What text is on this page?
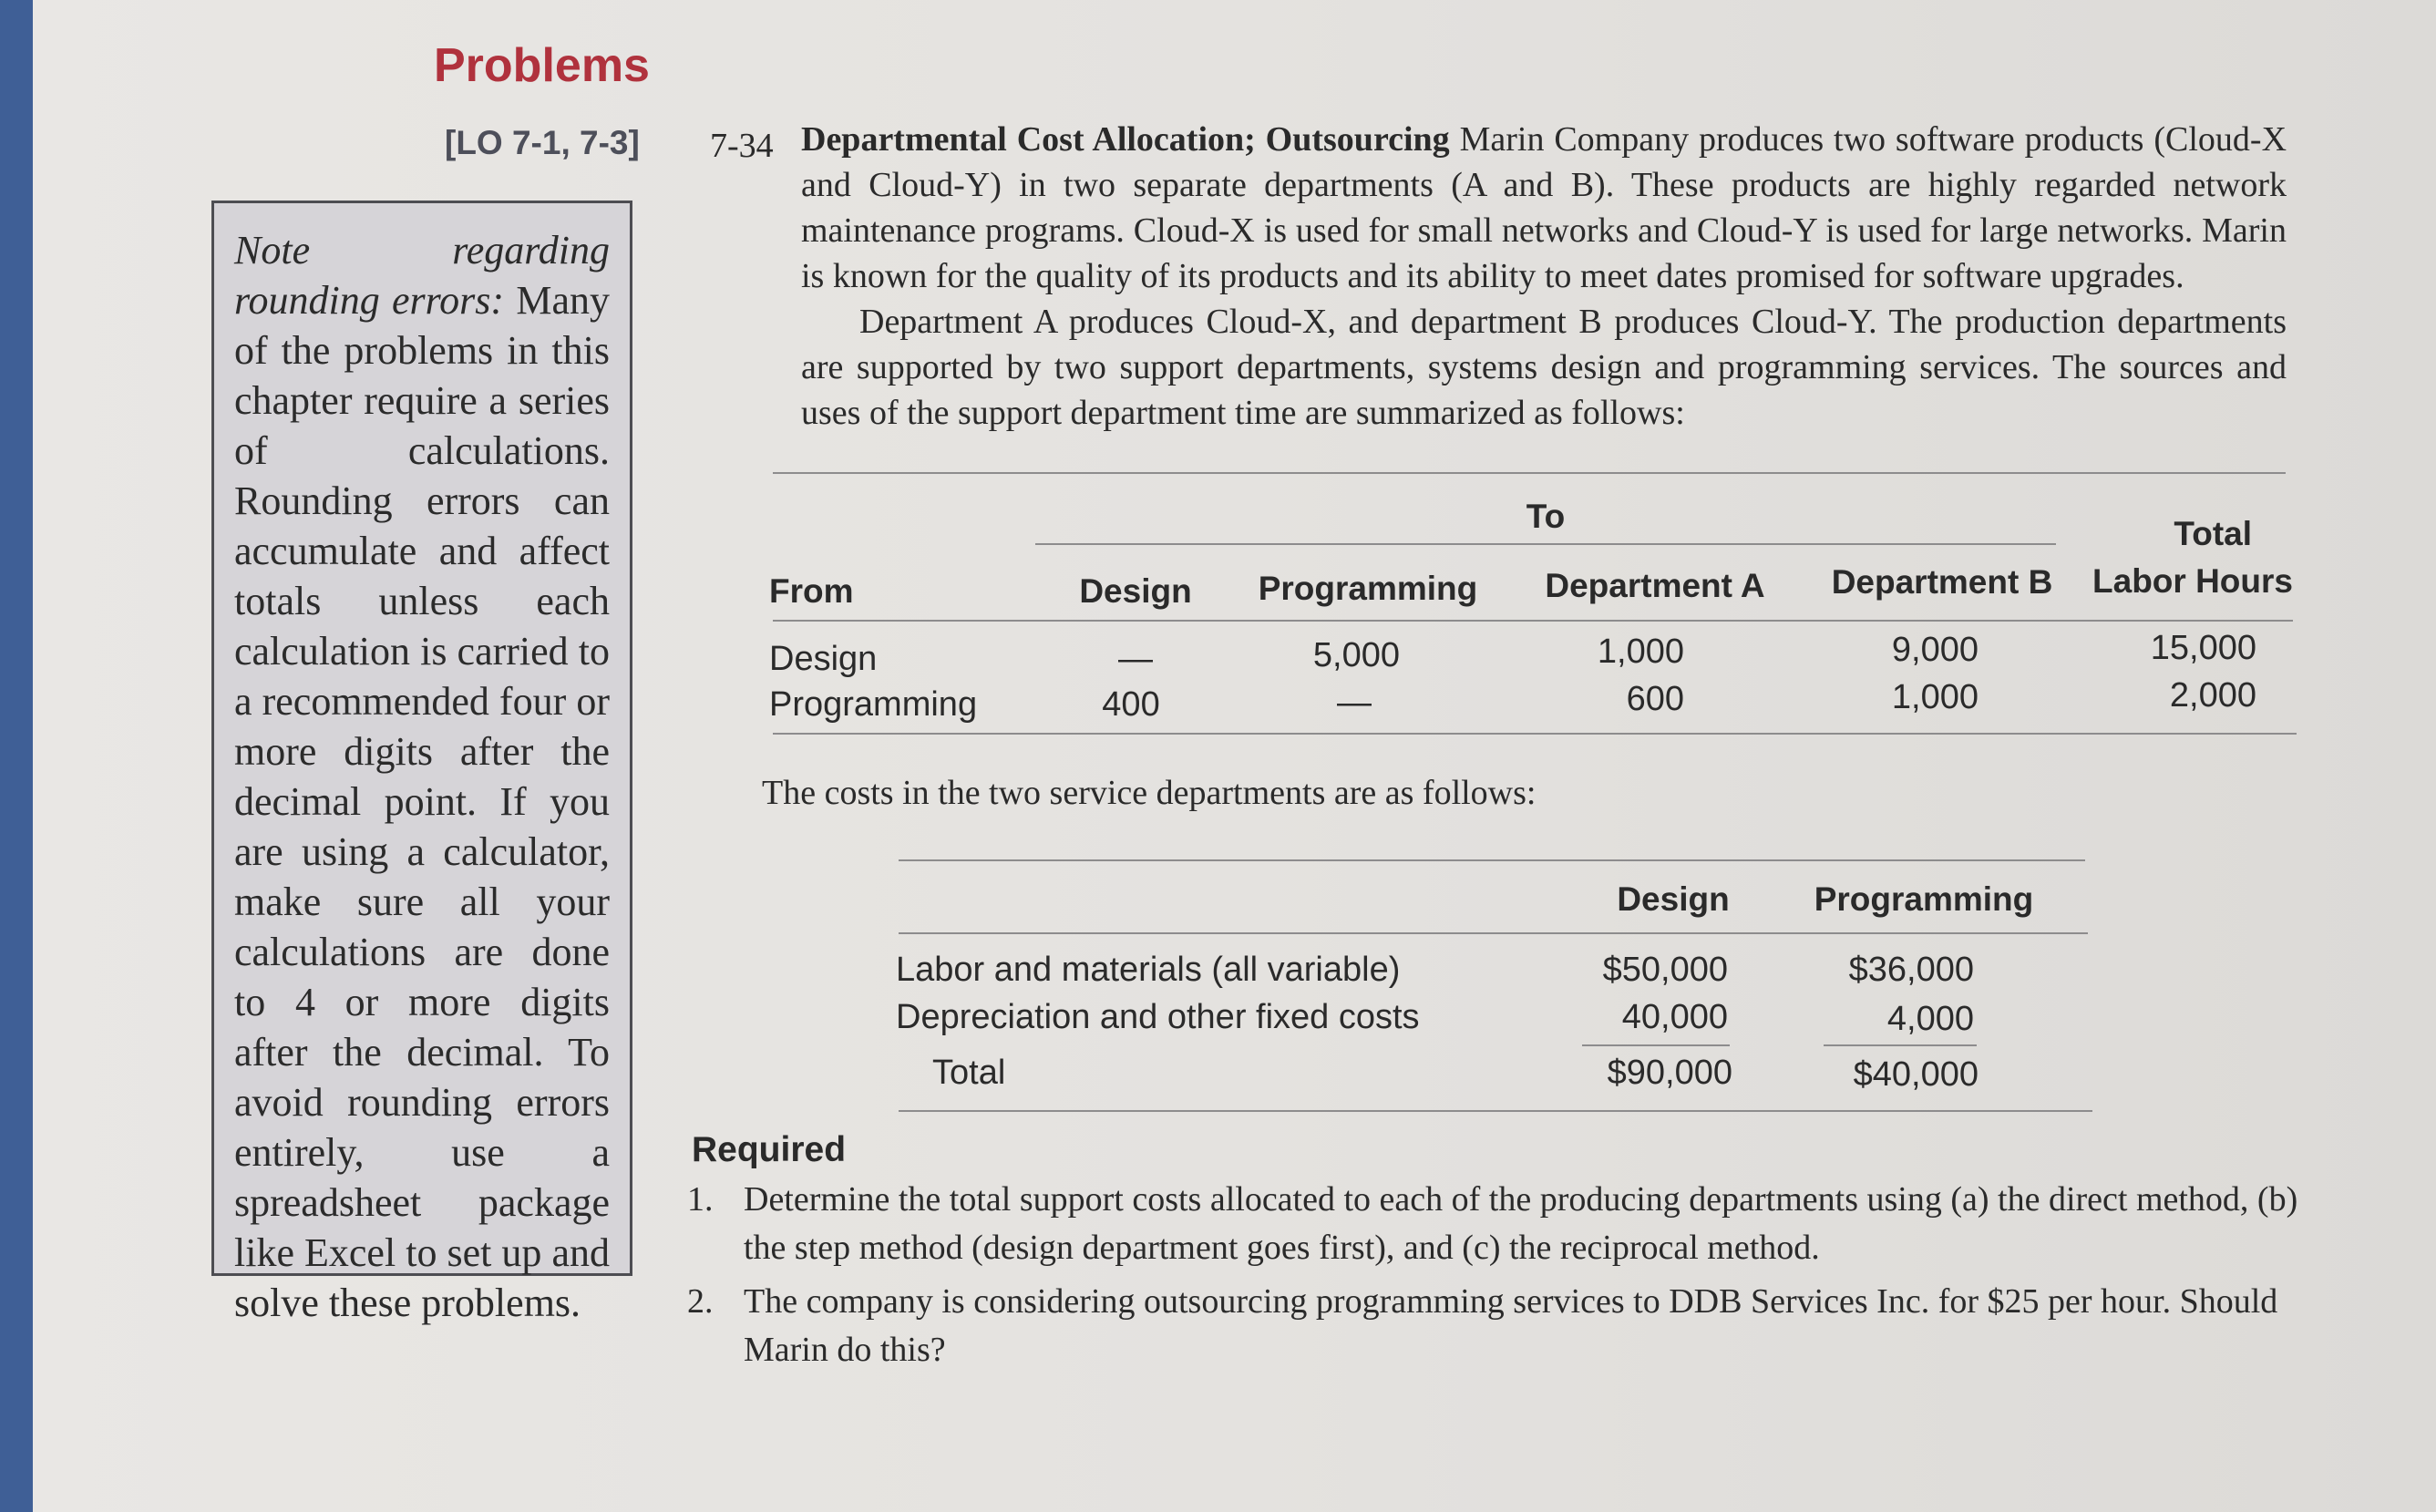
Problems
[LO 7-1, 7-3]
Note regarding rounding errors: Many of the problems in this chapter require a series of calculations. Rounding errors can accumulate and affect totals unless each calculation is carried to a recommended four or more digits after the decimal point. If you are using a calculator, make sure all your calculations are done to 4 or more digits after the decimal. To avoid rounding errors entirely, use a spreadsheet package like Excel to set up and solve these problems.
7-34 Departmental Cost Allocation; Outsourcing Marin Company produces two software products (Cloud-X and Cloud-Y) in two separate departments (A and B). These products are highly regarded network maintenance programs. Cloud-X is used for small networks and Cloud-Y is used for large networks. Marin is known for the quality of its products and its ability to meet dates promised for software upgrades.

Department A produces Cloud-X, and department B produces Cloud-Y. The production departments are supported by two support departments, systems design and programming services. The sources and uses of the support department time are summarized as follows:

To	Total
From	Design	Programming	Department A	Department B	Labor Hours
Design	—	5,000	1,000	9,000	15,000
Programming	400	—	600	1,000	2,000
The costs in the two service departments are as follows:
Design	Programming
Labor and materials (all variable)	$50,000	$36,000
Depreciation and other fixed costs	40,000	4,000
Total	$90,000	$40,000
Required
1. Determine the total support costs allocated to each of the producing departments using (a) the direct method, (b) the step method (design department goes first), and (c) the reciprocal method.
2. The company is considering outsourcing programming services to DDB Services Inc. for $25 per hour. Should Marin do this?
